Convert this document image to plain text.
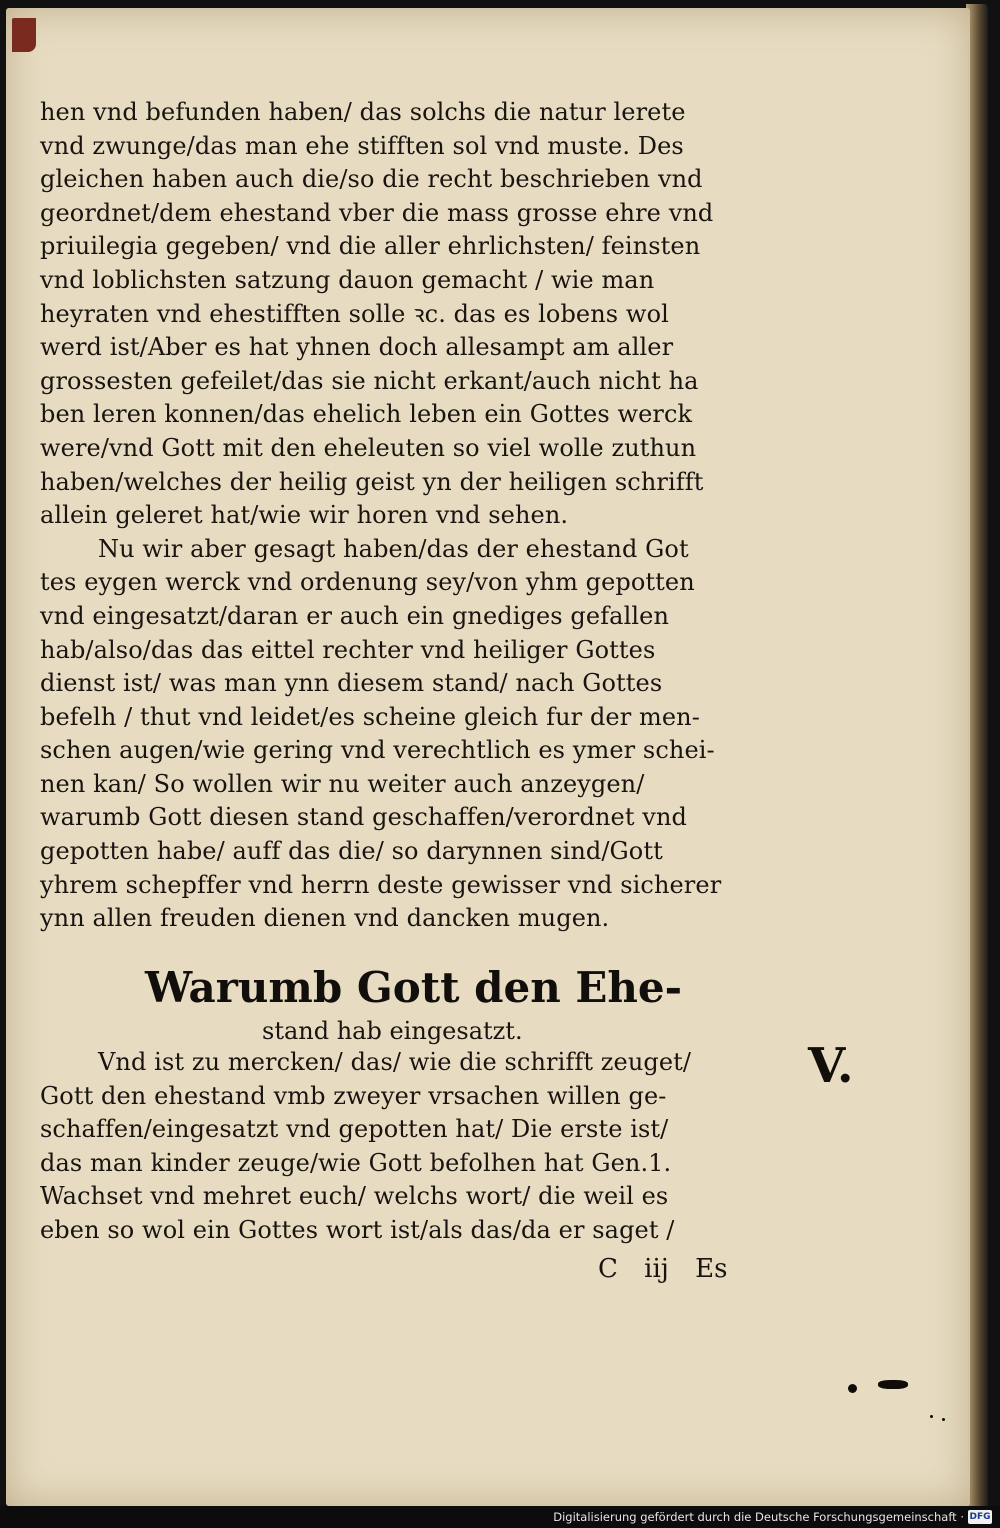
hen vnd befunden haben/ das solchs die natur lerete
vnd zwunge/das man ehe stifften sol vnd muste. Des
gleichen haben auch die/so die recht beschrieben vnd
geordnet/dem ehestand vber die mass grosse ehre vnd
priuilegia gegeben/ vnd die aller ehrlichsten/ feinsten
vnd loblichsten satzung dauon gemacht / wie man
heyraten vnd ehestifften solle ꝛc. das es lobens wol
werd ist/Aber es hat yhnen doch allesampt am aller
grossesten gefeilet/das sie nicht erkant/auch nicht ha
ben leren konnen/das ehelich leben ein Gottes werck
were/vnd Gott mit den eheleuten so viel wolle zuthun
haben/welches der heilig geist yn der heiligen schrifft
allein geleret hat/wie wir horen vnd sehen.
Nu wir aber gesagt haben/das der ehestand Got
tes eygen werck vnd ordenung sey/von yhm gepotten
vnd eingesatzt/daran er auch ein gnediges gefallen
hab/also/das das eittel rechter vnd heiliger Gottes
dienst ist/ was man ynn diesem stand/ nach Gottes
befelh / thut vnd leidet/es scheine gleich fur der men-
schen augen/wie gering vnd verechtlich es ymer schei-
nen kan/ So wollen wir nu weiter auch anzeygen/
warumb Gott diesen stand geschaffen/verordnet vnd
gepotten habe/ auff das die/ so darynnen sind/Gott
yhrem schepffer vnd herrn deste gewisser vnd sicherer
ynn allen freuden dienen vnd dancken mugen.
Warumb Gott den Ehe-
stand hab eingesatzt.
V.
Vnd ist zu mercken/ das/ wie die schrifft zeuget/
Gott den ehestand vmb zweyer vrsachen willen ge-
schaffen/eingesatzt vnd gepotten hat/ Die erste ist/
das man kinder zeuge/wie Gott befolhen hat Gen.1.
Wachset vnd mehret euch/ welchs wort/ die weil es
eben so wol ein Gottes wort ist/als das/da er saget /
C iij Es
Digitalisierung gefördert durch die Deutsche Forschungsgemeinschaft · DFG
